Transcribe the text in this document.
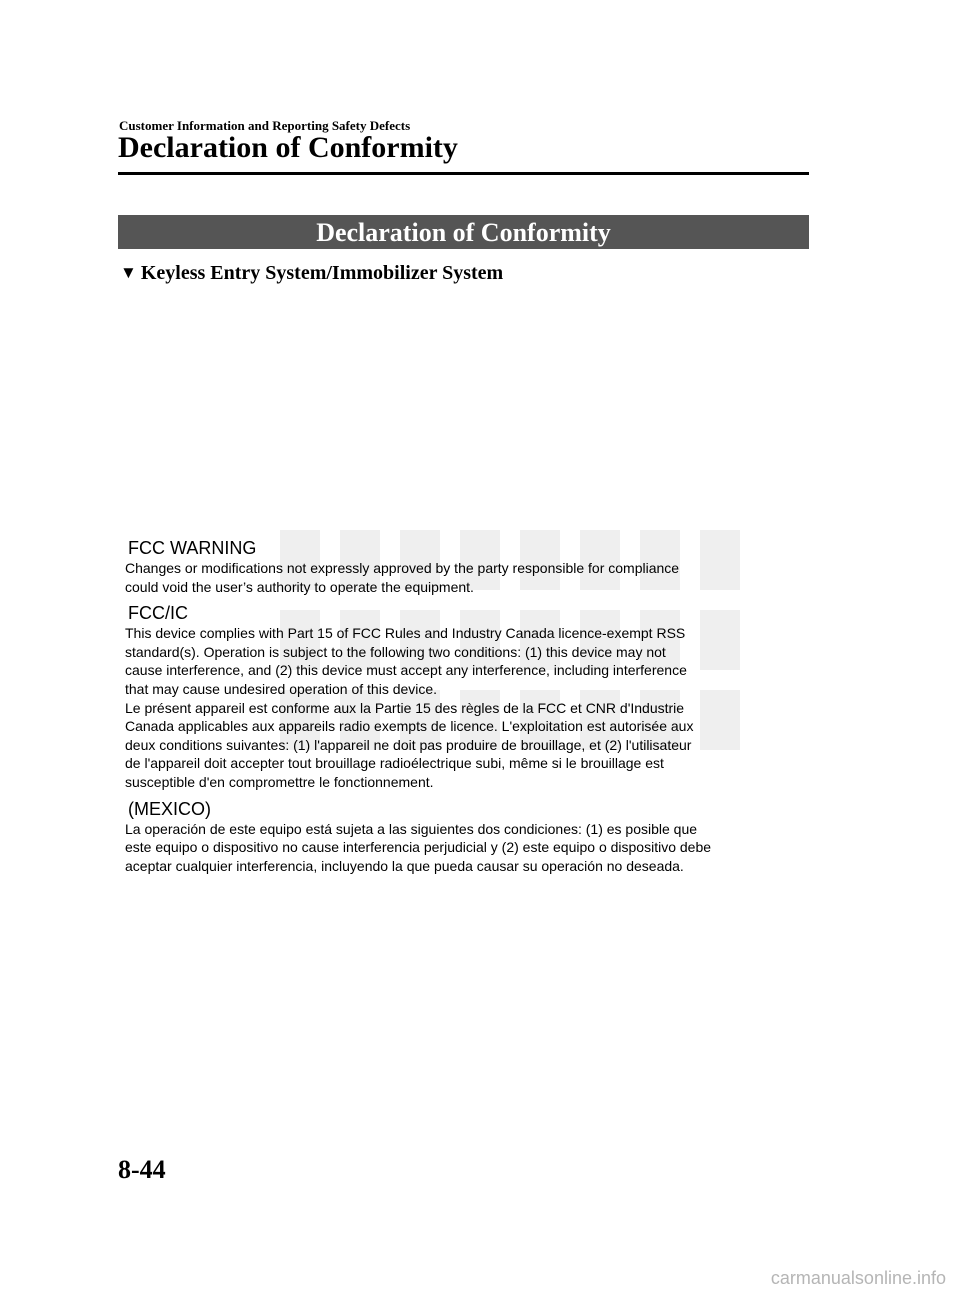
Customer Information and Reporting Safety Defects
Declaration of Conformity
Declaration of Conformity
▼ Keyless Entry System/Immobilizer System
FCC WARNING
Changes or modifications not expressly approved by the party responsible for compliance
could void the user’s authority to operate the equipment.
FCC/IC
This device complies with Part 15 of FCC Rules and Industry Canada licence-exempt RSS
standard(s). Operation is subject to the following two conditions: (1) this device may not
cause interference, and (2) this device must accept any interference, including interference
that may cause undesired operation of this device.
Le présent appareil est conforme aux la Partie 15 des règles de la FCC et CNR d'Industrie
Canada applicables aux appareils radio exempts de licence. L'exploitation est autorisée aux
deux conditions suivantes: (1) l'appareil ne doit pas produire de brouillage, et (2) l'utilisateur
de l'appareil doit accepter tout brouillage radioélectrique subi, même si le brouillage est
susceptible d'en compromettre le fonctionnement.
(MEXICO)
La operación de este equipo está sujeta a las siguientes dos condiciones: (1) es posible que
este equipo o dispositivo no cause interferencia perjudicial y (2) este equipo o dispositivo debe
aceptar cualquier interferencia, incluyendo la que pueda causar su operación no deseada.
8-44
carmanualsonline.info
